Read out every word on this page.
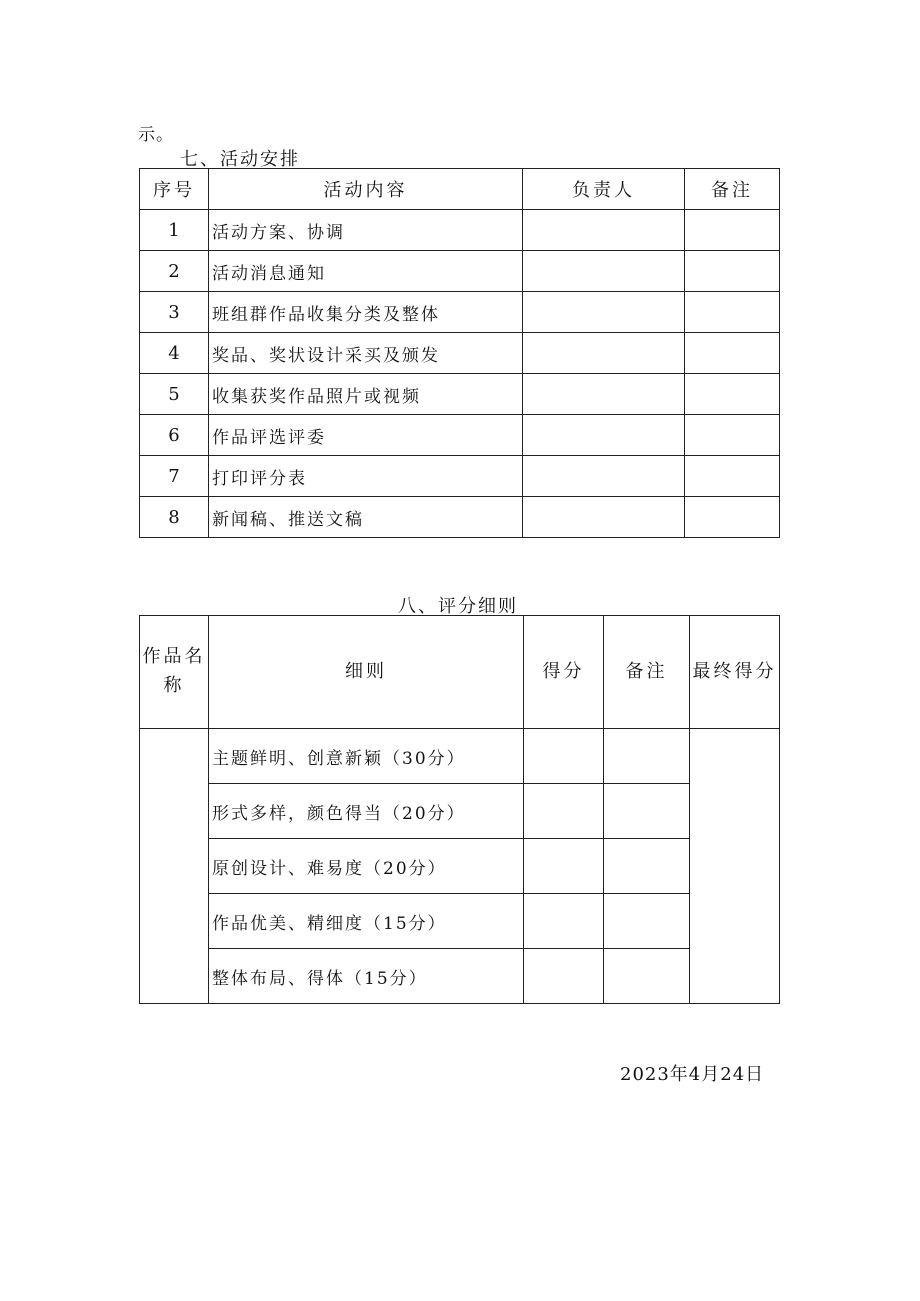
示。
七、活动安排
序号	活动内容	负责人	备注
1	活动方案、协调		
2	活动消息通知		
3	班组群作品收集分类及整体		
4	奖品、奖状设计采买及颁发		
5	收集获奖作品照片或视频		
6	作品评选评委		
7	打印评分表		
8	新闻稿、推送文稿		
八、评分细则
作品名称	细则	得分	备注	最终得分
	主题鲜明、创意新颖（30分）			
	形式多样，颜色得当（20分）			
	原创设计、难易度（20分）			
	作品优美、精细度（15分）			
	整体布局、得体（15分）			
2023年4月24日
